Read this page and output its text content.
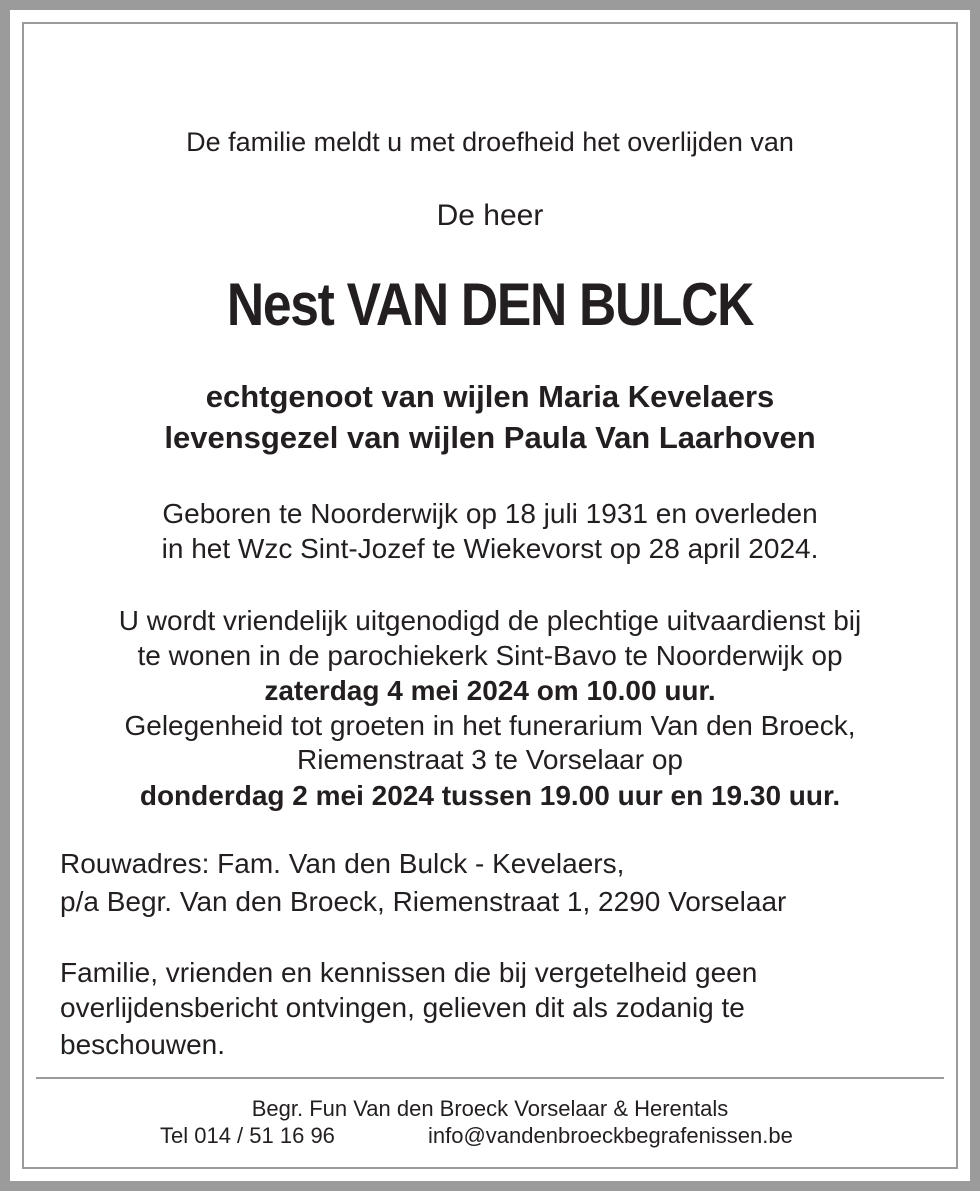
De familie meldt u met droefheid het overlijden van
De heer
Nest VAN DEN BULCK
echtgenoot van wijlen Maria Kevelaers
levensgezel van wijlen Paula Van Laarhoven
Geboren te Noorderwijk op 18 juli 1931 en overleden
in het Wzc Sint-Jozef te Wiekevorst op 28 april 2024.
U wordt vriendelijk uitgenodigd de plechtige uitvaardienst bij
te wonen in de parochiekerk Sint-Bavo te Noorderwijk op
zaterdag 4 mei 2024 om 10.00 uur.
Gelegenheid tot groeten in het funerarium Van den Broeck,
Riemenstraat 3 te Vorselaar op
donderdag 2 mei 2024 tussen 19.00 uur en 19.30 uur.
Rouwadres: Fam. Van den Bulck - Kevelaers,
p/a Begr. Van den Broeck, Riemenstraat 1, 2290 Vorselaar
Familie, vrienden en kennissen die bij vergetelheid geen
overlijdensbericht ontvingen, gelieven dit als zodanig te
beschouwen.
Begr. Fun Van den Broeck Vorselaar & Herentals
Tel 014 / 51 16 96	info@vandenbroeckbegrafenissen.be
